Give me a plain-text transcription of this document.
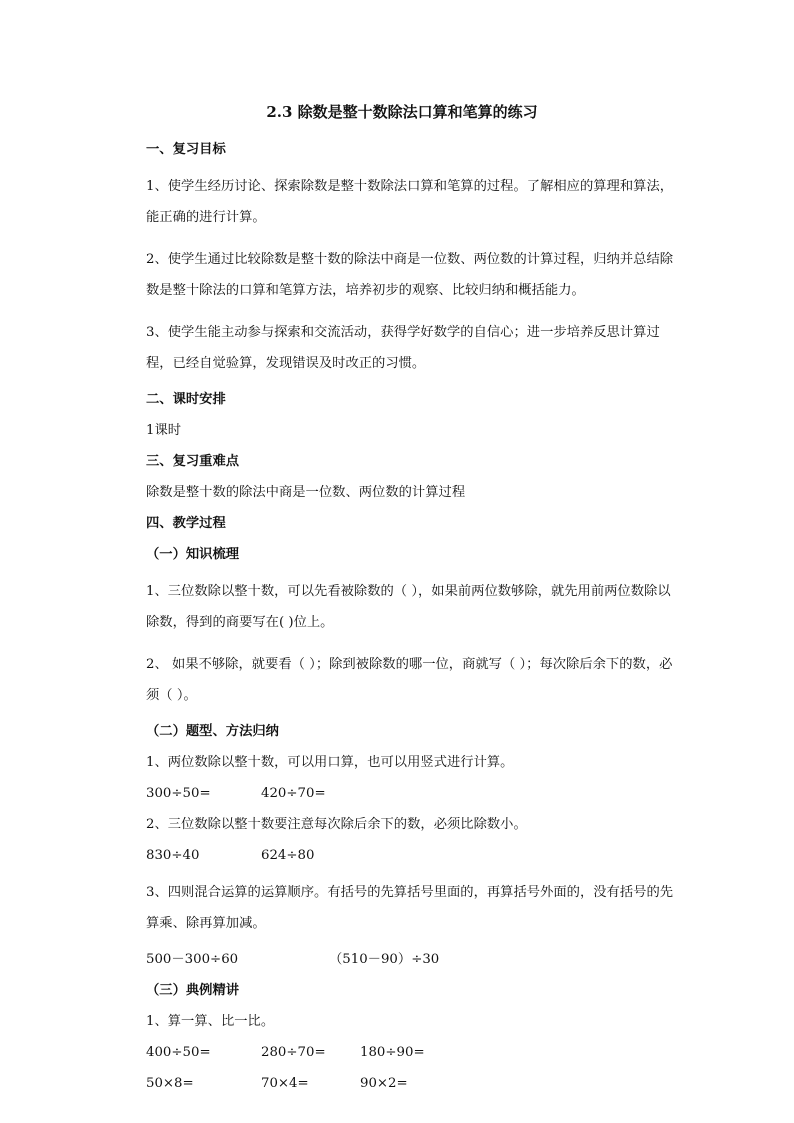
2.3 除数是整十数除法口算和笔算的练习

一、复习目标

1、使学生经历讨论、探索除数是整十数除法口算和笔算的过程。了解相应的算理和算法，能正确的进行计算。

2、使学生通过比较除数是整十数的除法中商是一位数、两位数的计算过程，归纳并总结除数是整十除法的口算和笔算方法，培养初步的观察、比较归纳和概括能力。

3、使学生能主动参与探索和交流活动，获得学好数学的自信心；进一步培养反思计算过程，已经自觉验算，发现错误及时改正的习惯。

二、课时安排

1课时

三、复习重难点

除数是整十数的除法中商是一位数、两位数的计算过程

四、教学过程

（一）知识梳理

1、三位数除以整十数，可以先看被除数的（ ），如果前两位数够除，就先用前两位数除以除数，得到的商要写在( )位上。

2、 如果不够除，就要看（ ）；除到被除数的哪一位，商就写（ ）；每次除后余下的数，必须（ ）。

（二）题型、方法归纳

1、两位数除以整十数，可以用口算，也可以用竖式进行计算。

300÷50=	420÷70=

2、三位数除以整十数要注意每次除后余下的数，必须比除数小。

830÷40	624÷80

3、四则混合运算的运算顺序。有括号的先算括号里面的，再算括号外面的，没有括号的先算乘、除再算加减。

500－300÷60	（510－90）÷30

（三）典例精讲

1、算一算、比一比。

400÷50=	280÷70=	180÷90=
50×8=	70×4=	90×2=
